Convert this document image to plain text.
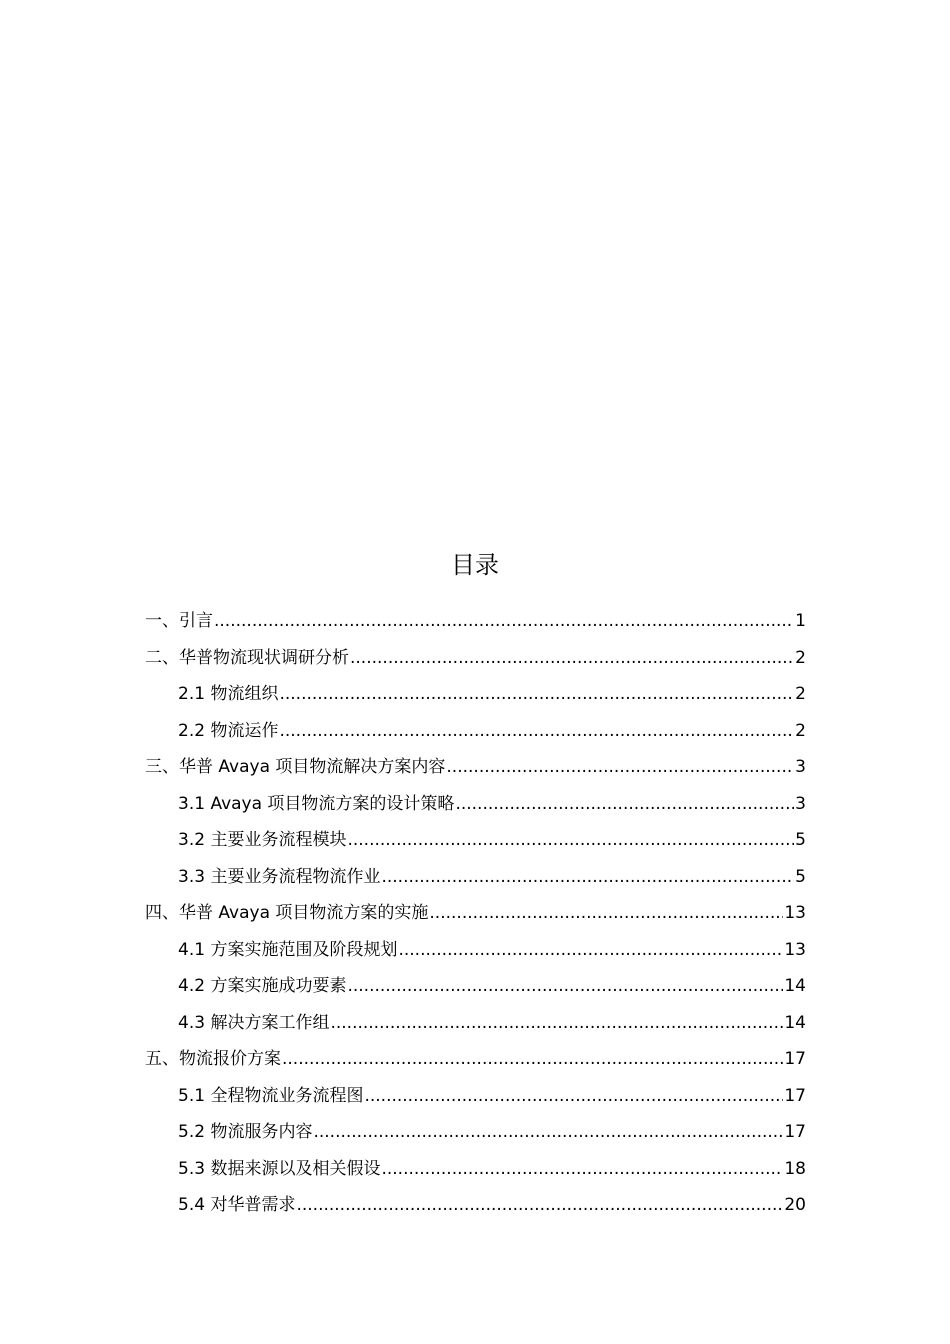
目录
一、引言 .....	1
二、华普物流现状调研分析 .....	2
2.1 物流组织 .....	2
2.2 物流运作 .....	2
三、华普 Avaya 项目物流解决方案内容 .....	3
3.1 Avaya 项目物流方案的设计策略 .....	3
3.2 主要业务流程模块 .....	5
3.3 主要业务流程物流作业 .....	5
四、华普 Avaya 项目物流方案的实施 .....	13
4.1 方案实施范围及阶段规划 .....	13
4.2 方案实施成功要素 .....	14
4.3 解决方案工作组 .....	14
五、物流报价方案 .....	17
5.1 全程物流业务流程图 .....	17
5.2 物流服务内容 .....	17
5.3 数据来源以及相关假设 .....	18
5.4 对华普需求 .....	20
